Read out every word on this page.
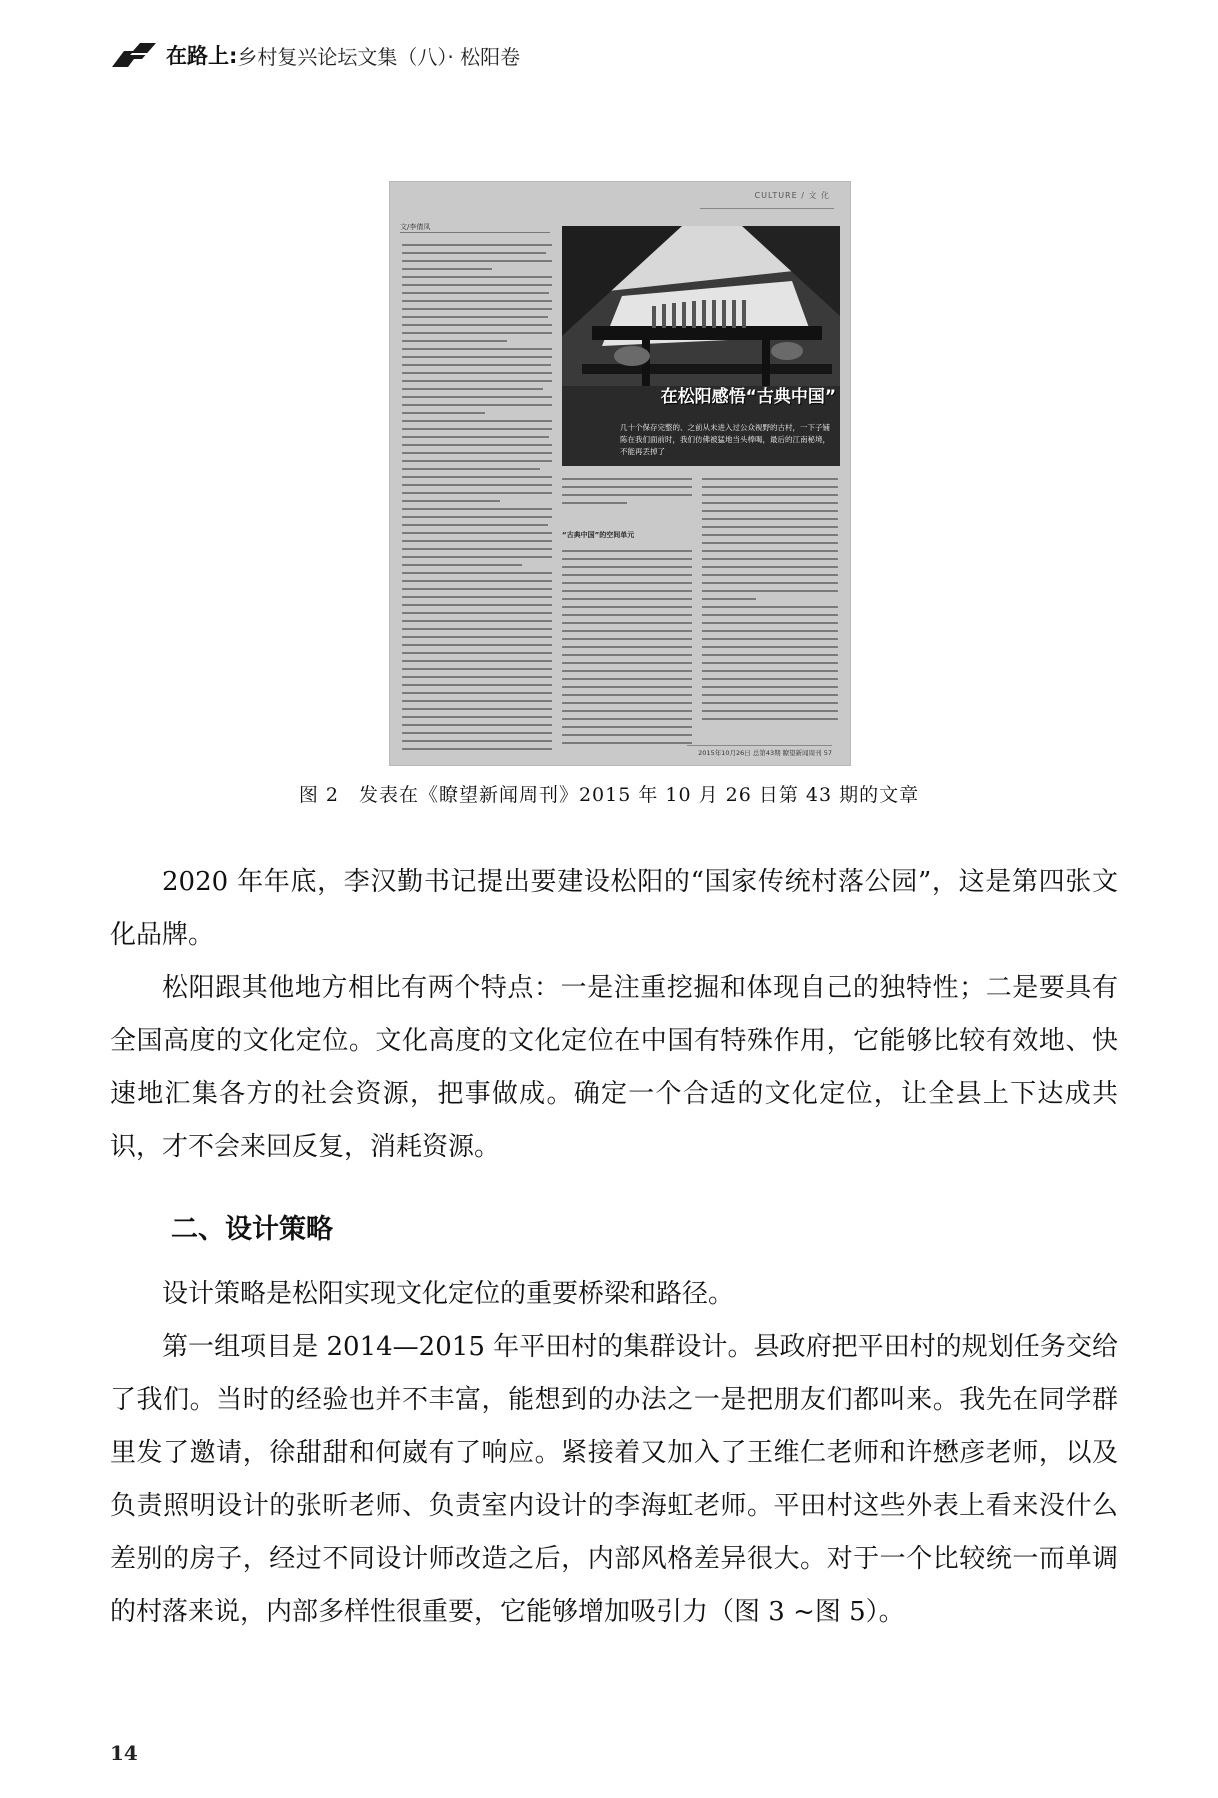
在路上: 乡村复兴论坛文集（八）· 松阳卷
CULTURE / 文 化
文/李倩凤
在松阳感悟“古典中国”
几十个保存完整的、之前从未进入过公众视野的古村，一下子铺陈在我们面前时，我们仿佛被猛地当头棒喝，最后的江南秘境，不能再丢掉了
“古典中国”的空间单元
2015年10月26日 总第43期 瞭望新闻周刊 57
图 2　发表在《瞭望新闻周刊》2015 年 10 月 26 日第 43 期的文章

2020 年年底，李汉勤书记提出要建设松阳的“国家传统村落公园”，这是第四张文化品牌。

松阳跟其他地方相比有两个特点：一是注重挖掘和体现自己的独特性；二是要具有全国高度的文化定位。文化高度的文化定位在中国有特殊作用，它能够比较有效地、快速地汇集各方的社会资源，把事做成。确定一个合适的文化定位，让全县上下达成共识，才不会来回反复，消耗资源。

二、设计策略

设计策略是松阳实现文化定位的重要桥梁和路径。

第一组项目是 2014—2015 年平田村的集群设计。县政府把平田村的规划任务交给了我们。当时的经验也并不丰富，能想到的办法之一是把朋友们都叫来。我先在同学群里发了邀请，徐甜甜和何崴有了响应。紧接着又加入了王维仁老师和许懋彦老师，以及负责照明设计的张昕老师、负责室内设计的李海虹老师。平田村这些外表上看来没什么差别的房子，经过不同设计师改造之后，内部风格差异很大。对于一个比较统一而单调的村落来说，内部多样性很重要，它能够增加吸引力（图 3 ~图 5）。

14
